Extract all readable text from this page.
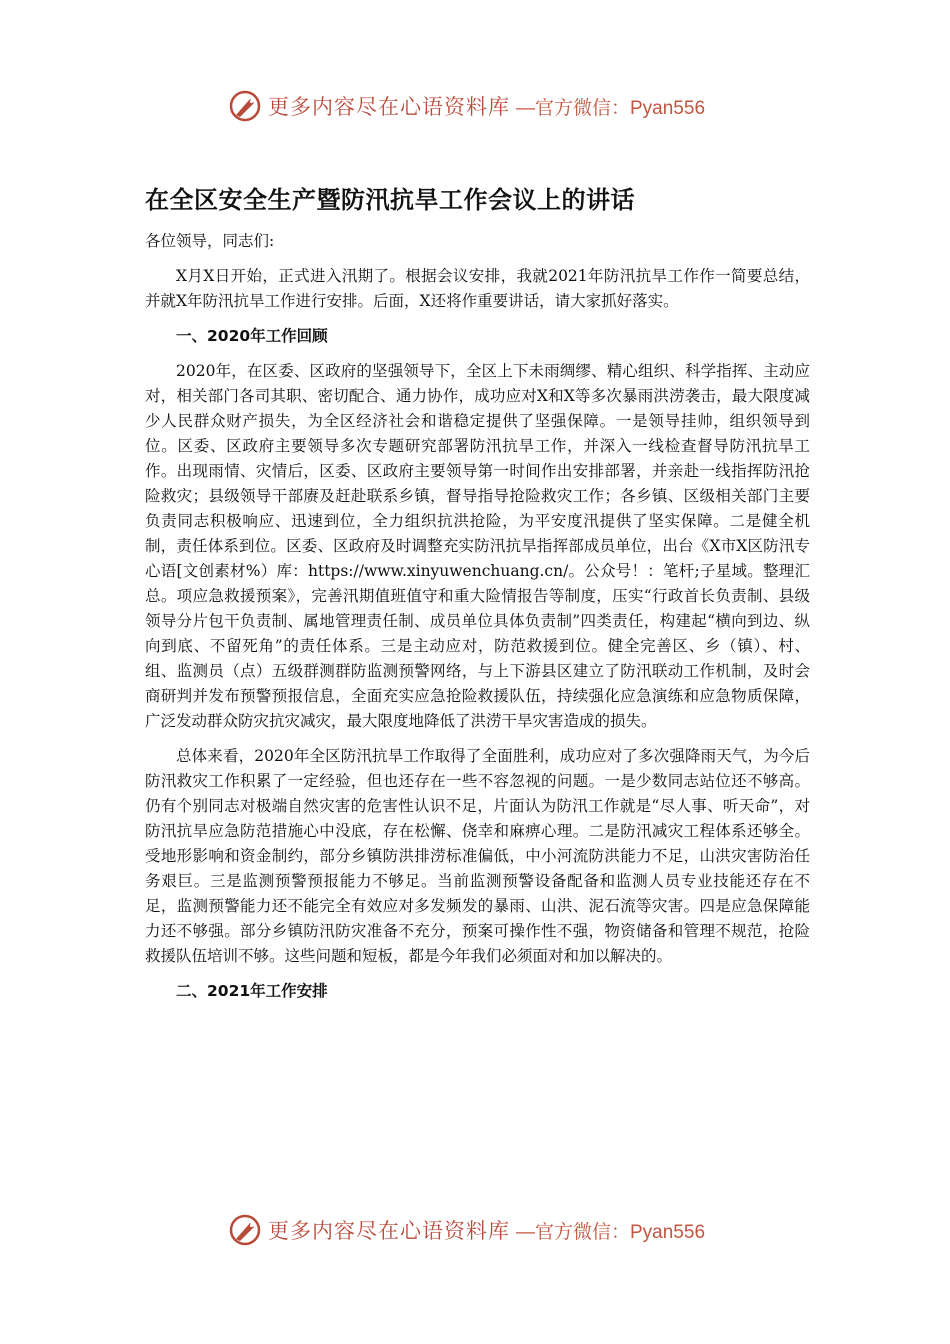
更多内容尽在心语资料库 —官方微信：Pyan556
在全区安全生产暨防汛抗旱工作会议上的讲话

各位领导，同志们:

X月X日开始，正式进入汛期了。根据会议安排，我就2021年防汛抗旱工作作一简要总结，并就X年防汛抗旱工作进行安排。后面，X还将作重要讲话，请大家抓好落实。

一、2020年工作回顾

2020年，在区委、区政府的坚强领导下，全区上下未雨绸缪、精心组织、科学指挥、主动应对，相关部门各司其职、密切配合、通力协作，成功应对X和X等多次暴雨洪涝袭击，最大限度减少人民群众财产损失，为全区经济社会和谐稳定提供了坚强保障。一是领导挂帅，组织领导到位。区委、区政府主要领导多次专题研究部署防汛抗旱工作，并深入一线检查督导防汛抗旱工作。出现雨情、灾情后，区委、区政府主要领导第一时间作出安排部署，并亲赴一线指挥防汛抢险救灾；县级领导干部赓及赶赴联系乡镇，督导指导抢险救灾工作；各乡镇、区级相关部门主要负责同志积极响应、迅速到位，全力组织抗洪抢险，为平安度汛提供了坚实保障。二是健全机制，责任体系到位。区委、区政府及时调整充实防汛抗旱指挥部成员单位，出台《X市X区防汛专心语[文创素材%）库：https://www.xinyuwenchuang.cn/。公众号！：笔杆;子星域。整理汇总。项应急救援预案》，完善汛期值班值守和重大险情报告等制度，压实“行政首长负责制、县级领导分片包干负责制、属地管理责任制、成员单位具体负责制”四类责任，构建起“横向到边、纵向到底、不留死角”的责任体系。三是主动应对，防范救援到位。健全完善区、乡（镇）、村、组、监测员（点）五级群测群防监测预警网络，与上下游县区建立了防汛联动工作机制，及时会商研判并发布预警预报信息，全面充实应急抢险救援队伍，持续强化应急演练和应急物质保障，广泛发动群众防灾抗灾减灾，最大限度地降低了洪涝干旱灾害造成的损失。

总体来看，2020年全区防汛抗旱工作取得了全面胜利，成功应对了多次强降雨天气，为今后防汛救灾工作积累了一定经验，但也还存在一些不容忽视的问题。一是少数同志站位还不够高。仍有个别同志对极端自然灾害的危害性认识不足，片面认为防汛工作就是“尽人事、听天命”，对防汛抗旱应急防范措施心中没底，存在松懈、侥幸和麻痹心理。二是防汛减灾工程体系还够全。受地形影响和资金制约，部分乡镇防洪排涝标准偏低，中小河流防洪能力不足，山洪灾害防治任务艰巨。三是监测预警预报能力不够足。当前监测预警设备配备和监测人员专业技能还存在不足，监测预警能力还不能完全有效应对多发频发的暴雨、山洪、泥石流等灾害。四是应急保障能力还不够强。部分乡镇防汛防灾准备不充分，预案可操作性不强，物资储备和管理不规范，抢险救援队伍培训不够。这些问题和短板，都是今年我们必须面对和加以解决的。

二、2021年工作安排

更多内容尽在心语资料库 —官方微信：Pyan556
